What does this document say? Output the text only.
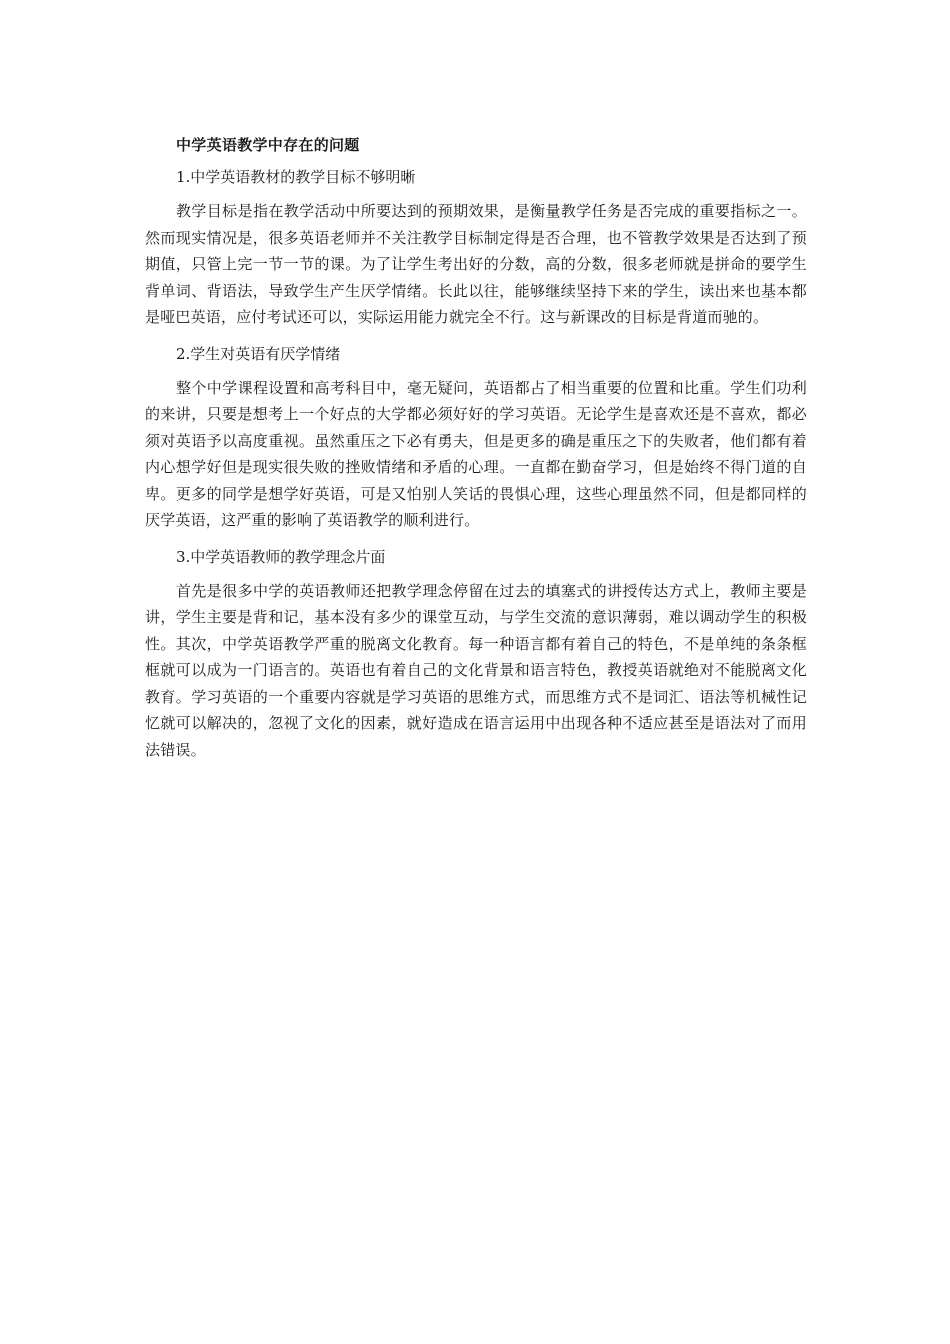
中学英语教学中存在的问题

1.中学英语教材的教学目标不够明晰

教学目标是指在教学活动中所要达到的预期效果，是衡量教学任务是否完成的重要指标之一。然而现实情况是，很多英语老师并不关注教学目标制定得是否合理，也不管教学效果是否达到了预期值，只管上完一节一节的课。为了让学生考出好的分数，高的分数，很多老师就是拼命的要学生背单词、背语法，导致学生产生厌学情绪。长此以往，能够继续坚持下来的学生，读出来也基本都是哑巴英语，应付考试还可以，实际运用能力就完全不行。这与新课改的目标是背道而驰的。

2.学生对英语有厌学情绪

整个中学课程设置和高考科目中，毫无疑问，英语都占了相当重要的位置和比重。学生们功利的来讲，只要是想考上一个好点的大学都必须好好的学习英语。无论学生是喜欢还是不喜欢，都必须对英语予以高度重视。虽然重压之下必有勇夫，但是更多的确是重压之下的失败者，他们都有着内心想学好但是现实很失败的挫败情绪和矛盾的心理。一直都在勤奋学习，但是始终不得门道的自卑。更多的同学是想学好英语，可是又怕别人笑话的畏惧心理，这些心理虽然不同，但是都同样的厌学英语，这严重的影响了英语教学的顺利进行。

3.中学英语教师的教学理念片面

首先是很多中学的英语教师还把教学理念停留在过去的填塞式的讲授传达方式上，教师主要是讲，学生主要是背和记，基本没有多少的课堂互动，与学生交流的意识薄弱，难以调动学生的积极性。其次，中学英语教学严重的脱离文化教育。每一种语言都有着自己的特色，不是单纯的条条框框就可以成为一门语言的。英语也有着自己的文化背景和语言特色，教授英语就绝对不能脱离文化教育。学习英语的一个重要内容就是学习英语的思维方式，而思维方式不是词汇、语法等机械性记忆就可以解决的，忽视了文化的因素，就好造成在语言运用中出现各种不适应甚至是语法对了而用法错误。
